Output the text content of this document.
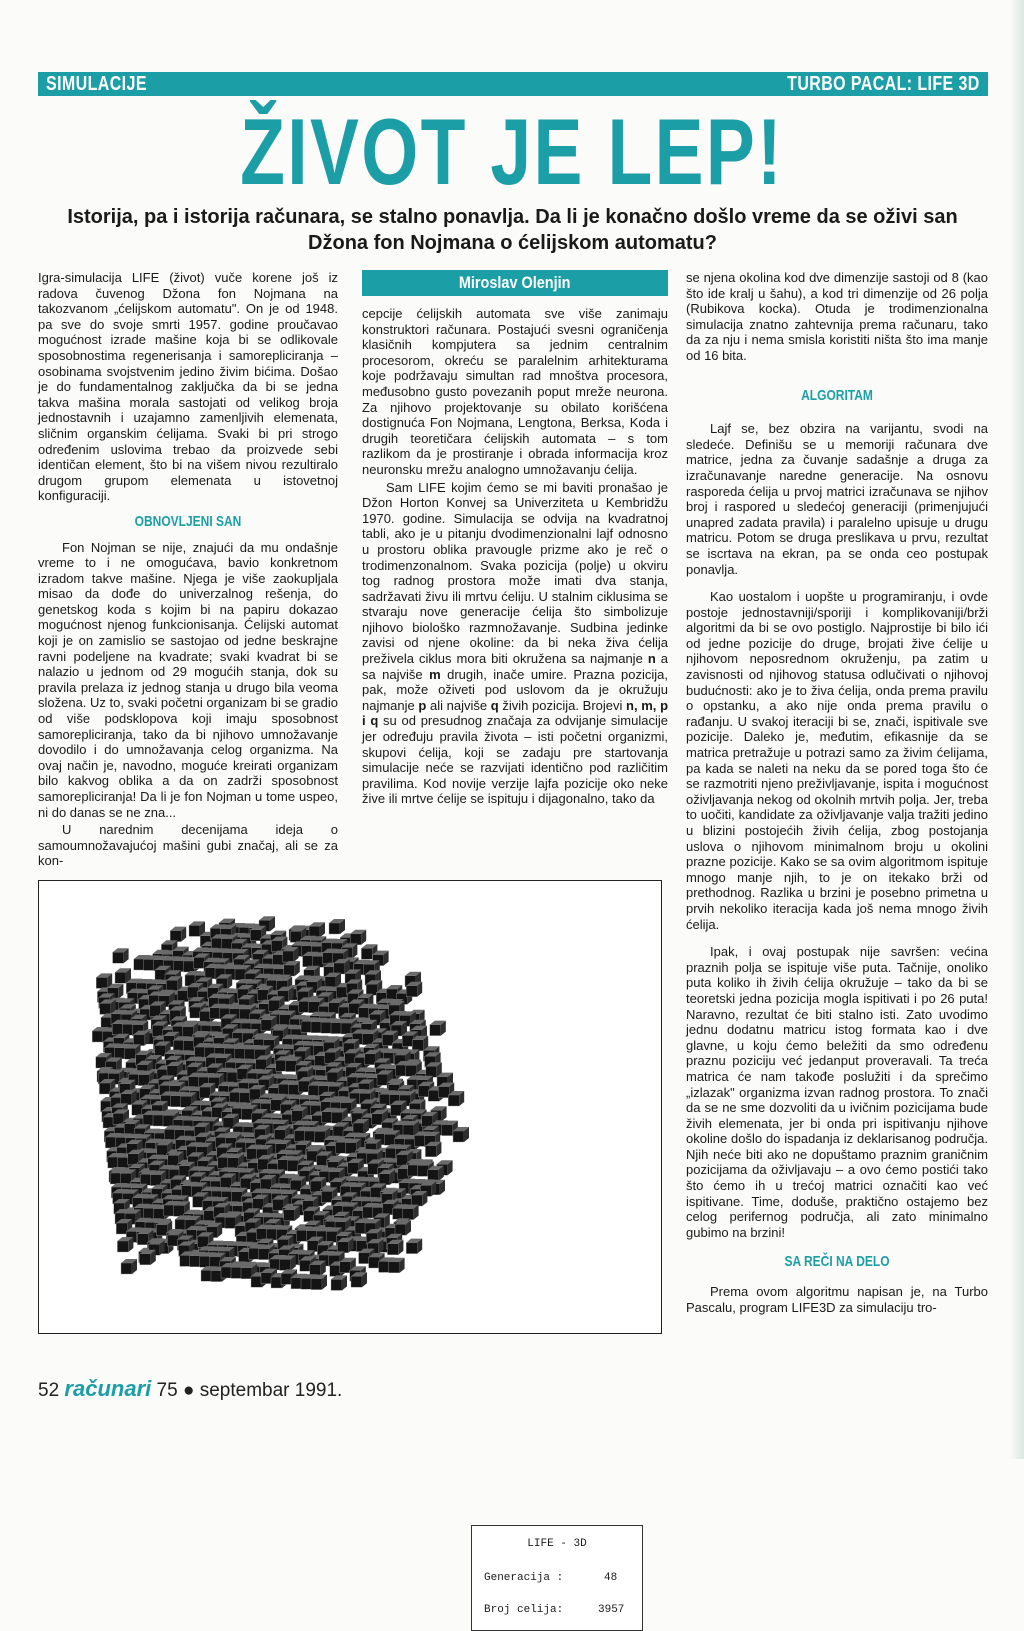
SIMULACIJE	TURBO PACAL: LIFE 3D
ŽIVOT JE LEP!
Istorija, pa i istorija računara, se stalno ponavlja. Da li je konačno došlo vreme da se oživi san Džona fon Nojmana o ćelijskom automatu?
Miroslav Olenjin

Igra-simulacija LIFE (život) vuče korene još iz radova čuvenog Džona fon Nojmana na takozvanom „ćelijskom automatu". On je od 1948. pa sve do svoje smrti 1957. godine proučavao mogućnost izrade mašine koja bi se odlikovale sposobnostima regenerisanja i samorepliciranja – osobinama svojstvenim jedino živim bićima. Došao je do fundamentalnog zaključka da bi se jedna takva mašina morala sastojati od velikog broja jednostavnih i uzajamno zamenljivih elemenata, sličnim organskim ćelijama. Svaki bi pri strogo određenim uslovima trebao da proizvede sebi identičan element, što bi na višem nivou rezultiralo drugom grupom elemenata u istovetnoj konfiguraciji.

OBNOVLJENI SAN

Fon Nojman se nije, znajući da mu ondašnje vreme to i ne omogućava, bavio konkretnom izradom takve mašine. Njega je više zaokupljala misao da dođe do univerzalnog rešenja, do genetskog koda s kojim bi na papiru dokazao mogućnost njenog funkcionisanja. Ćelijski automat koji je on zamislio se sastojao od jedne beskrajne ravni podeljene na kvadrate; svaki kvadrat bi se nalazio u jednom od 29 mogućih stanja, dok su pravila prelaza iz jednog stanja u drugo bila veoma složena. Uz to, svaki početni organizam bi se gradio od više podsklopova koji imaju sposobnost samorepliciranja, tako da bi njihovo umnožavanje dovodilo i do umnožavanja celog organizma. Na ovaj način je, navodno, moguće kreirati organizam bilo kakvog oblika a da on zadrži sposobnost samorepliciranja! Da li je fon Nojman u tome uspeo, ni do danas se ne zna...

U narednim decenijama ideja o samoumnožavajućoj mašini gubi značaj, ali se za kon-

cepcije ćelijskih automata sve više zanimaju konstruktori računara. Postajući svesni ograničenja klasičnih kompjutera sa jednim centralnim procesorom, okreću se paralelnim arhitekturama koje podržavaju simultan rad mnoštva procesora, međusobno gusto povezanih poput mreže neurona. Za njihovo projektovanje su obilato korišćena dostignuća Fon Nojmana, Lengtona, Berksa, Koda i drugih teoretičara ćelijskih automata – s tom razlikom da je prostiranje i obrada informacija kroz neuronsku mrežu analogno umnožavanju ćelija.

Sam LIFE kojim ćemo se mi baviti pronašao je Džon Horton Konvej sa Univerziteta u Kembridžu 1970. godine. Simulacija se odvija na kvadratnoj tabli, ako je u pitanju dvodimenzionalni lajf odnosno u prostoru oblika pravougle prizme ako je reč o trodimenzonalnom. Svaka pozicija (polje) u okviru tog radnog prostora može imati dva stanja, sadržavati živu ili mrtvu ćeliju. U stalnim ciklusima se stvaraju nove generacije ćelija što simbolizuje njihovo biološko razmnožavanje. Sudbina jedinke zavisi od njene okoline: da bi neka živa ćelija preživela ciklus mora biti okružena sa najmanje n a sa najviše m drugih, inače umire. Prazna pozicija, pak, može oživeti pod uslovom da je okružuju najmanje p ali najviše q živih pozicija. Brojevi n, m, p i q su od presudnog značaja za odvijanje simulacije jer određuju pravila života – isti početni organizmi, skupovi ćelija, koji se zadaju pre startovanja simulacije neće se razvijati identično pod različitim pravilima. Kod novije verzije lajfa pozicije oko neke žive ili mrtve ćelije se ispituju i dijagonalno, tako da

se njena okolina kod dve dimenzije sastoji od 8 (kao što ide kralj u šahu), a kod tri dimenzije od 26 polja (Rubikova kocka). Otuda je trodimenzionalna simulacija znatno zahtevnija prema računaru, tako da za nju i nema smisla koristiti ništa što ima manje od 16 bita.

ALGORITAM

Lajf se, bez obzira na varijantu, svodi na sledeće. Definišu se u memoriji računara dve matrice, jedna za čuvanje sadašnje a druga za izračunavanje naredne generacije. Na osnovu rasporeda ćelija u prvoj matrici izračunava se njihov broj i raspored u sledećoj generaciji (primenjujući unapred zadata pravila) i paralelno upisuje u drugu matricu. Potom se druga preslikava u prvu, rezultat se iscrtava na ekran, pa se onda ceo postupak ponavlja.

Kao uostalom i uopšte u programiranju, i ovde postoje jednostavniji/sporiji i komplikovaniji/brži algoritmi da bi se ovo postiglo. Najprostije bi bilo ići od jedne pozicije do druge, brojati žive ćelije u njihovom neposrednom okruženju, pa zatim u zavisnosti od njihovog statusa odlučivati o njihovoj budućnosti: ako je to živa ćelija, onda prema pravilu o opstanku, a ako nije onda prema pravilu o rađanju. U svakoj iteraciji bi se, znači, ispitivale sve pozicije. Daleko je, međutim, efikasnije da se matrica pretražuje u potrazi samo za živim ćelijama, pa kada se naleti na neku da se pored toga što će se razmotriti njeno preživljavanje, ispita i mogućnost oživljavanja nekog od okolnih mrtvih polja. Jer, treba to uočiti, kandidate za oživljavanje valja tražiti jedino u blizini postojećih živih ćelija, zbog postojanja uslova o njihovom minimalnom broju u okolini prazne pozicije. Kako se sa ovim algoritmom ispituje mnogo manje njih, to je on itekako brži od prethodnog. Razlika u brzini je posebno primetna u prvih nekoliko iteracija kada još nema mnogo živih ćelija.

Ipak, i ovaj postupak nije savršen: većina praznih polja se ispituje više puta. Tačnije, onoliko puta koliko ih živih ćelija okružuje – tako da bi se teoretski jedna pozicija mogla ispitivati i po 26 puta! Naravno, rezultat će biti stalno isti. Zato uvodimo jednu dodatnu matricu istog formata kao i dve glavne, u koju ćemo beležiti da smo određenu praznu poziciju već jedanput proveravali. Ta treća matrica će nam takođe poslužiti i da sprečimo „izlazak" organizma izvan radnog prostora. To znači da se ne sme dozvoliti da u ivičnim pozicijama bude živih elemenata, jer bi onda pri ispitivanju njihove okoline došlo do ispadanja iz deklarisanog područja. Njih neće biti ako ne dopuštamo praznim graničnim pozicijama da oživljavaju – a ovo ćemo postići tako što ćemo ih u trećoj matrici označiti kao već ispitivane. Time, doduše, praktično ostajemo bez celog perifernog područja, ali zato minimalno gubimo na brzini!

SA REČI NA DELO

Prema ovom algoritmu napisan je, na Turbo Pascalu, program LIFE3D za simulaciju tro-

LIFE - 3D
Generacija :	48
Broj celija:	3957
52 računari 75 ● septembar 1991.
